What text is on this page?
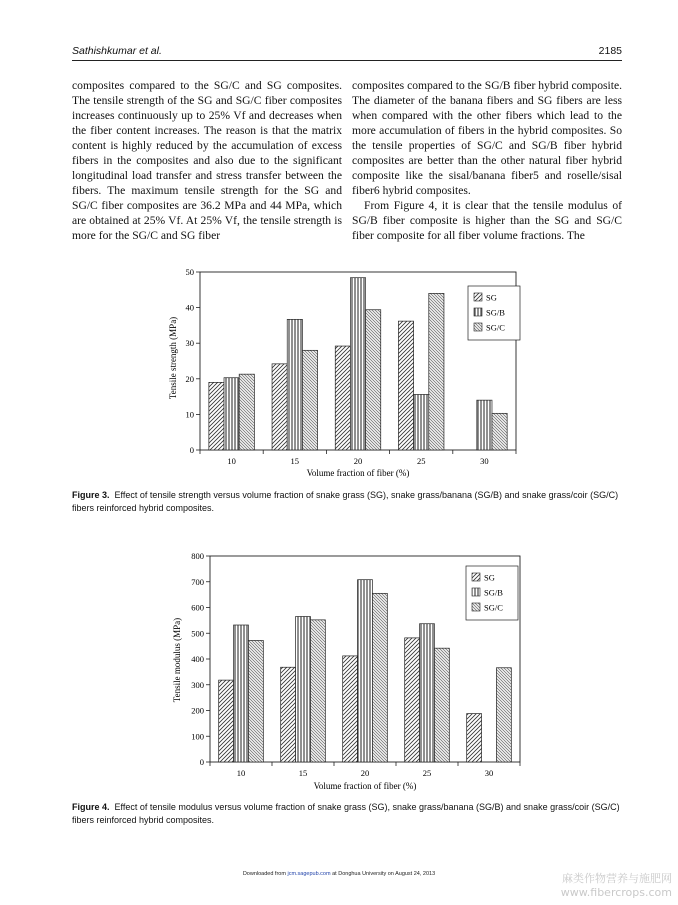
Sathishkumar et al.	2185

composites compared to the SG/C and SG composites. The tensile strength of the SG and SG/C fiber composites increases continuously up to 25% Vf and decreases when the fiber content increases. The reason is that the matrix content is highly reduced by the accumulation of excess fibers in the composites and also due to the significant longitudinal load transfer and stress transfer between the fibers. The maximum tensile strength for the SG and SG/C fiber composites are 36.2 MPa and 44 MPa, which are obtained at 25% Vf. At 25% Vf, the tensile strength is more for the SG/C and SG fiber

composites compared to the SG/B fiber hybrid composite. The diameter of the banana fibers and SG fibers are less when compared with the other fibers which lead to the more accumulation of fibers in the hybrid composites. So the tensile properties of SG/C and SG/B fiber hybrid composites are better than the other natural fiber hybrid composite like the sisal/banana fiber5 and roselle/sisal fiber6 hybrid composites.

From Figure 4, it is clear that the tensile modulus of SG/B fiber composite is higher than the SG and SG/C fiber composite for all fiber volume fractions. The

0
10
20
30
40
50
10	15	20	25	30
SG
SG/B
SG/C
Tensile strength (MPa)
Volume fraction of fiber (%)
Figure 3. Effect of tensile strength versus volume fraction of snake grass (SG), snake grass/banana (SG/B) and snake grass/coir (SG/C) fibers reinforced hybrid composites.
0
100
200
300
400
500
600
700
800
10	15	20	25	30
SG
SG/B
SG/C
Tensile modulus (MPa)
Volume fraction of fiber (%)
Figure 4. Effect of tensile modulus versus volume fraction of snake grass (SG), snake grass/banana (SG/B) and snake grass/coir (SG/C) fibers reinforced hybrid composites.
Downloaded from jcm.sagepub.com at Donghua University on August 24, 2013	麻类作物营养与施肥网
www.fibercrops.com
